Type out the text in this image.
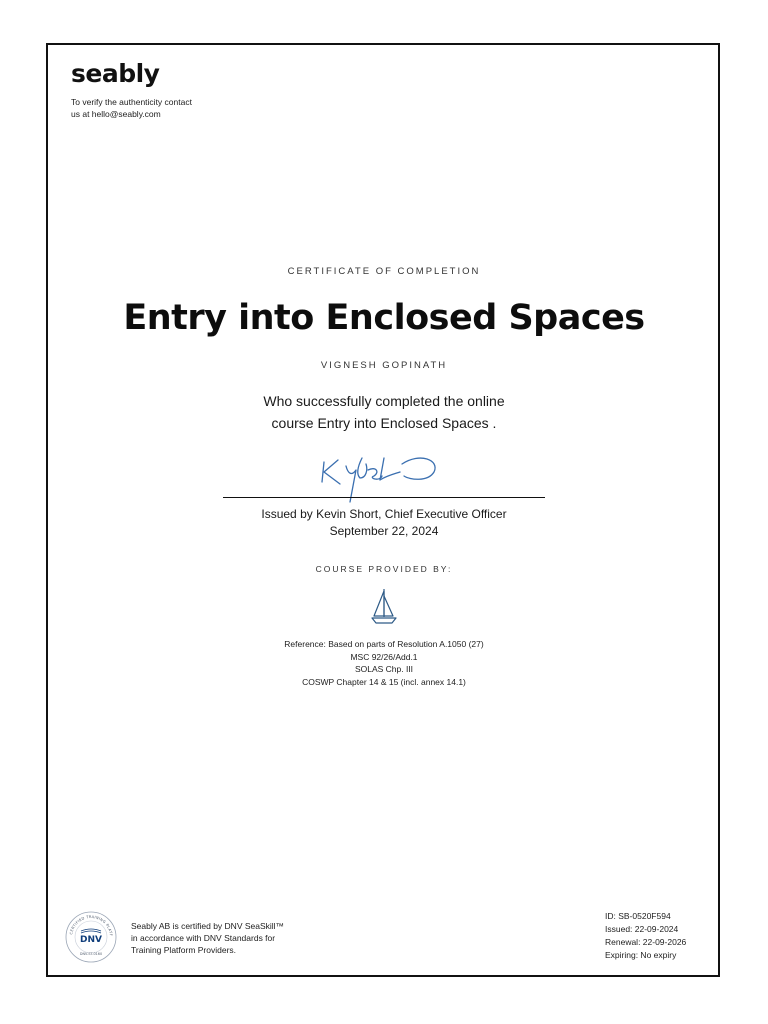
seably
To verify the authenticity contact
us at hello@seably.com
CERTIFICATE OF COMPLETION
Entry into Enclosed Spaces
VIGNESH GOPINATH
Who successfully completed the online
course Entry into Enclosed Spaces .
Issued by Kevin Short, Chief Executive Officer
September 22, 2024
COURSE PROVIDED BY:
Reference: Based on parts of Resolution A.1050 (27)
MSC 92/26/Add.1
SOLAS Chp. III
COSWP Chapter 14 & 15 (incl. annex 14.1)
CERTIFIED TRAINING PLATF
DNV
DNV-ST-0160
Seably AB is certified by DNV SeaSkill™
in accordance with DNV Standards for
Training Platform Providers.
ID: SB-0520F594
Issued: 22-09-2024
Renewal: 22-09-2026
Expiring: No expiry
